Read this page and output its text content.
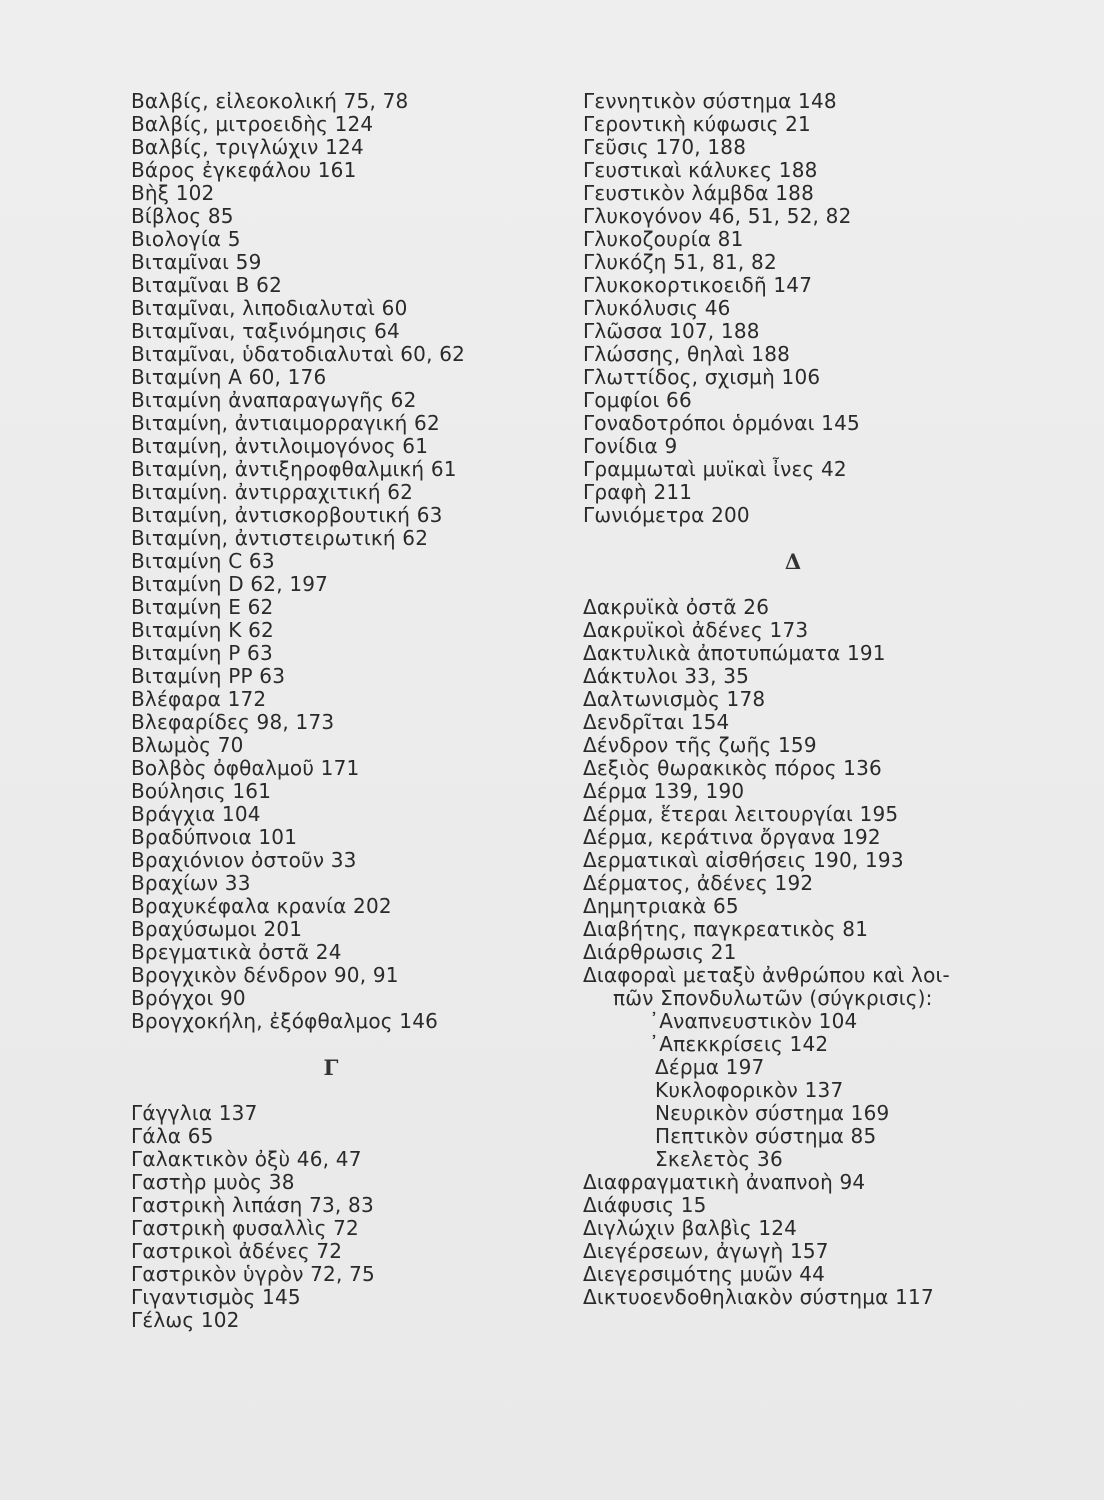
Βαλβίς, εἰλεοκολική 75, 78
Βαλβίς, μιτροειδὴς 124
Βαλβίς, τριγλώχιν 124
Βάρος ἐγκεφάλου 161
Βὴξ 102
Βίβλος 85
Βιολογία 5
Βιταμῖναι 59
Βιταμῖναι B 62
Βιταμῖναι, λιποδιαλυταὶ 60
Βιταμῖναι, ταξινόμησις 64
Βιταμῖναι, ὑδατοδιαλυταὶ 60, 62
Βιταμίνη A 60, 176
Βιταμίνη ἀναπαραγωγῆς 62
Βιταμίνη, ἀντιαιμορραγική 62
Βιταμίνη, ἀντιλοιμογόνος 61
Βιταμίνη, ἀντιξηροφθαλμική 61
Βιταμίνη. ἀντιρραχιτική 62
Βιταμίνη, ἀντισκορβουτική 63
Βιταμίνη, ἀντιστειρωτική 62
Βιταμίνη C 63
Βιταμίνη D 62, 197
Βιταμίνη E 62
Βιταμίνη K 62
Βιταμίνη P 63
Βιταμίνη PP 63
Βλέφαρα 172
Βλεφαρίδες 98, 173
Βλωμὸς 70
Βολβὸς ὀφθαλμοῦ 171
Βούλησις 161
Βράγχια 104
Βραδύπνοια 101
Βραχιόνιον ὀστοῦν 33
Βραχίων 33
Βραχυκέφαλα κρανία 202
Βραχύσωμοι 201
Βρεγματικὰ ὀστᾶ 24
Βρογχικὸν δένδρον 90, 91
Βρόγχοι 90
Βρογχοκήλη, ἐξόφθαλμος 146
Γ
Γάγγλια 137
Γάλα 65
Γαλακτικὸν ὀξὺ 46, 47
Γαστὴρ μυὸς 38
Γαστρικὴ λιπάση 73, 83
Γαστρικὴ φυσαλλὶς 72
Γαστρικοὶ ἀδένες 72
Γαστρικὸν ὑγρὸν 72, 75
Γιγαντισμὸς 145
Γέλως 102
Γεννητικὸν σύστημα 148
Γεροντικὴ κύφωσις 21
Γεῦσις 170, 188
Γευστικαὶ κάλυκες 188
Γευστικὸν λάμβδα 188
Γλυκογόνον 46, 51, 52, 82
Γλυκοζουρία 81
Γλυκόζη 51, 81, 82
Γλυκοκορτικοειδῆ 147
Γλυκόλυσις 46
Γλῶσσα 107, 188
Γλώσσης, θηλαὶ 188
Γλωττίδος, σχισμὴ 106
Γομφίοι 66
Γοναδοτρόποι ὁρμόναι 145
Γονίδια 9
Γραμμωταὶ μυϊκαὶ ἶνες 42
Γραφὴ 211
Γωνιόμετρα 200
Δ
Δακρυϊκὰ ὀστᾶ 26
Δακρυϊκοὶ ἀδένες 173
Δακτυλικὰ ἀποτυπώματα 191
Δάκτυλοι 33, 35
Δαλτωνισμὸς 178
Δενδρῖται 154
Δένδρον τῆς ζωῆς 159
Δεξιὸς θωρακικὸς πόρος 136
Δέρμα 139, 190
Δέρμα, ἕτεραι λειτουργίαι 195
Δέρμα, κεράτινα ὄργανα 192
Δερματικαὶ αἰσθήσεις 190, 193
Δέρματος, ἀδένες 192
Δημητριακὰ 65
Διαβήτης, παγκρεατικὸς 81
Διάρθρωσις 21
Διαφοραὶ μεταξὺ ἀνθρώπου καὶ λοι-
πῶν Σπονδυλωτῶν (σύγκρισις):
᾿Αναπνευστικὸν 104
᾿Απεκκρίσεις 142
Δέρμα 197
Κυκλοφορικὸν 137
Νευρικὸν σύστημα 169
Πεπτικὸν σύστημα 85
Σκελετὸς 36
Διαφραγματικὴ ἀναπνοὴ 94
Διάφυσις 15
Διγλώχιν βαλβὶς 124
Διεγέρσεων, ἀγωγὴ 157
Διεγερσιμότης μυῶν 44
Δικτυοενδοθηλιακὸν σύστημα 117
